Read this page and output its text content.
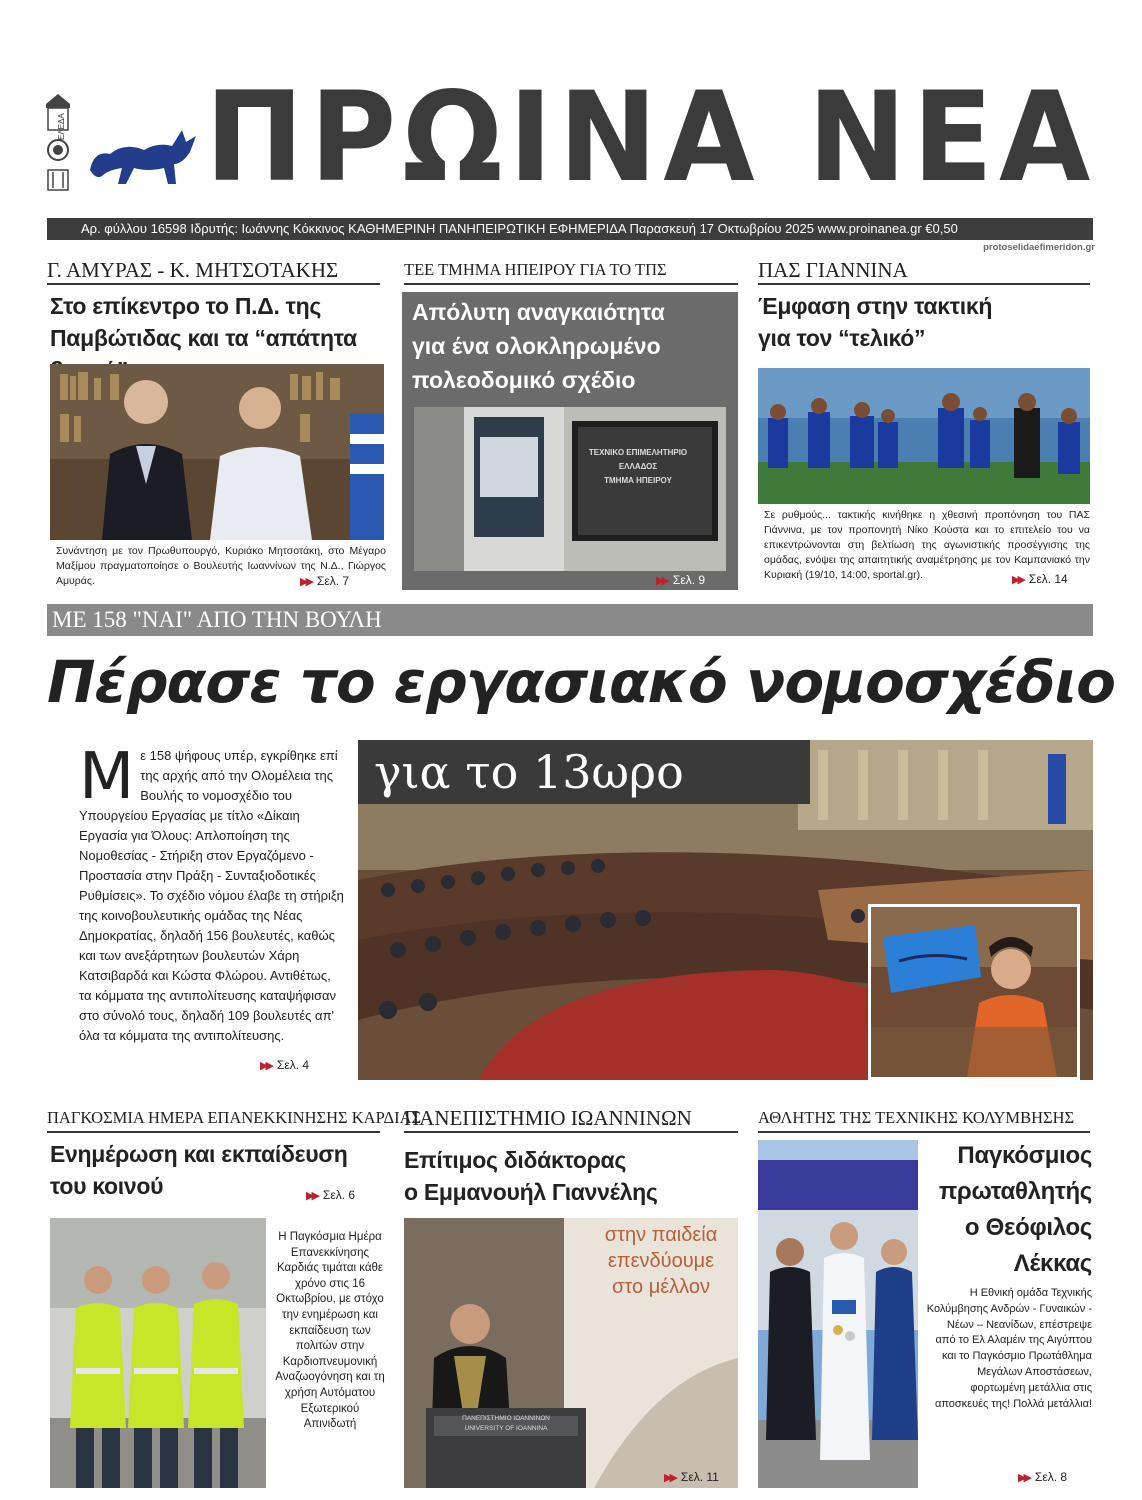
ΕΛΕΔΑ ΠΡΩΙΝΑ ΝΕΑ
Αρ. φύλλου 16598 Ιδρυτής: Ιωάννης Κόκκινος ΚΑΘΗΜΕΡΙΝΗ ΠΑΝΗΠΕΙΡΩΤΙΚΗ ΕΦΗΜΕΡΙΔΑ Παρασκευή 17 Οκτωβρίου 2025 www.proinanea.gr €0,50
protoselidaefimeridon.gr
Γ. ΑΜΥΡΑΣ - Κ. ΜΗΤΣΟΤΑΚΗΣ
Στο επίκεντρο το Π.Δ. της
Παμβώτιδας και τα “απάτητα
Συνάντηση με τον Πρωθυπουργό, Κυριάκο Μητσοτάκη, στο Μέγαρο Μαξίμου πραγματοποίησε ο Βουλευτής Ιωαννίνων της Ν.Δ., Γιώργος Αμυράς.	▶▶ Σελ. 7
ΤΕΕ ΤΜΗΜΑ ΗΠΕΙΡΟΥ ΓΙΑ ΤΟ ΤΠΣ
Απόλυτη αναγκαιότητα
για ένα ολοκληρωμένο
πολεοδομικό σχέδιο
ΤΕΧΝΙΚΟ ΕΠΙΜΕΛΗΤΗΡΙΟ
ΕΛΛΑΔΟΣ
ΤΜΗΜΑ ΗΠΕΙΡΟΥ
▶▶ Σελ. 9
ΠΑΣ ΓΙΑΝΝΙΝΑ
Έμφαση στην τακτική
για τον “τελικό”
Σε ρυθμούς... τακτικής κινήθηκε η χθεσινή προπόνηση του ΠΑΣ Γιάννινα, με τον προπονητή Νίκο Κούστα και το επιτελείο του να επικεντρώνονται στη βελτίωση της αγωνιστικής προσέγγισης της ομάδας, ενόψει της απαιτητικής αναμέτρησης με τον Καμπανιακό την Κυριακή (19/10, 14:00, sportal.gr).	▶▶ Σελ. 14
ΜΕ 158 "ΝΑΙ" ΑΠΟ ΤΗΝ ΒΟΥΛΗ
Πέρασε το εργασιακό νομοσχέδιο
Μ ε 158 ψήφους υπέρ, εγκρίθηκε επί της αρχής από την Ολομέλεια της Βουλής το νομοσχέδιο του Υπουργείου Εργασίας με τίτλο «Δίκαιη Εργασία για Όλους: Απλοποίηση της Νομοθεσίας - Στήριξη στον Εργαζόμενο - Προστασία στην Πράξη - Συνταξιοδοτικές Ρυθμίσεις». Το σχέδιο νόμου έλαβε τη στήριξη της κοινοβουλευτικής ομάδας της Νέας Δημοκρατίας, δηλαδή 156 βουλευτές, καθώς και των ανεξάρτητων βουλευτών Χάρη Κατσιβαρδά και Κώστα Φλώρου. Αντιθέτως, τα κόμματα της αντιπολίτευσης καταψήφισαν στο σύνολό τους, δηλαδή 109 βουλευτές απ' όλα τα κόμματα της αντιπολίτευσης.
▶▶ Σελ. 4
για το 13ωρο
ΠΑΓΚΟΣΜΙΑ ΗΜΕΡΑ ΕΠΑΝΕΚΚΙΝΗΣΗΣ ΚΑΡΔΙΑΣ
Ενημέρωση και εκπαίδευση
του κοινού	▶▶ Σελ. 6
Η Παγκόσμια Ημέρα Επανεκκίνησης Καρδιάς τιμάται κάθε χρόνο στις 16 Οκτωβρίου, με στόχο την ενημέρωση και εκπαίδευση των πολιτών στην Καρδιοπνευμονική Αναζωογόνηση και τη χρήση Αυτόματου Εξωτερικού Απινιδωτή
ΠΑΝΕΠΙΣΤΗΜΙΟ ΙΩΑΝΝΙΝΩΝ
Επίτιμος διδάκτορας
ο Εμμανουήλ Γιαννέλης
στην παιδεία
επενδύουμε
στο μέλλον
ΠΑΝΕΠΙΣΤΗΜΙΟ ΙΩΑΝΝΙΝΩΝ
UNIVERSITY OF IOANNINA
▶▶ Σελ. 11
ΑΘΛΗΤΗΣ ΤΗΣ ΤΕΧΝΙΚΗΣ ΚΟΛΥΜΒΗΣΗΣ
Παγκόσμιος
πρωταθλητής
ο Θεόφιλος
Λέκκας
Η Εθνική ομάδα Τεχνικής Κολύμβησης Ανδρών - Γυναικών - Νέων – Νεανίδων, επέστρεψε από το Ελ Αλαμέιν της Αιγύπτου και το Παγκόσμιο Πρωτάθλημα Μεγάλων Αποστάσεων, φορτωμένη μετάλλια στις αποσκευές της! Πολλά μετάλλια!
▶▶ Σελ. 8
